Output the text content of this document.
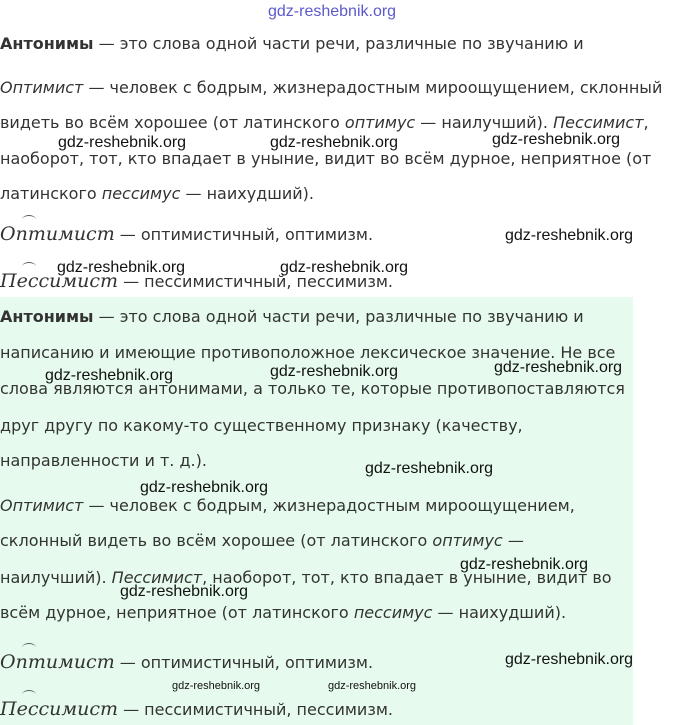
gdz-reshebnik.org
Антонимы — это слова одной части речи, различные по звучанию и
Оптимист — человек с бодрым, жизнерадостным мироощущением, склонный
видеть во всём хорошее (от латинского оптимус — наилучший). Пессимист,
наоборот, тот, кто впадает в уныние, видит во всём дурное, неприятное (от
латинского пессимус — наихудший).
Оптимист — оптимистичный, оптимизм.
Пессимист — пессимистичный, пессимизм.
Антонимы — это слова одной части речи, различные по звучанию и
написанию и имеющие противоположное лексическое значение. Не все
слова являются антонимами, а только те, которые противопоставляются
друг другу по какому-то существенному признаку (качеству,
направленности и т. д.).
Оптимист — человек с бодрым, жизнерадостным мироощущением,
склонный видеть во всём хорошее (от латинского оптимус —
наилучший). Пессимист, наоборот, тот, кто впадает в уныние, видит во
всём дурное, неприятное (от латинского пессимус — наихудший).
Оптимист — оптимистичный, оптимизм.
Пессимист — пессимистичный, пессимизм.
gdz-reshebnik.org	gdz-reshebnik.org	gdz-reshebnik.org
gdz-reshebnik.org
gdz-reshebnik.org	gdz-reshebnik.org
gdz-reshebnik.org	gdz-reshebnik.org	gdz-reshebnik.org
gdz-reshebnik.org
gdz-reshebnik.org
gdz-reshebnik.org
gdz-reshebnik.org
gdz-reshebnik.org
gdz-reshebnik.org	gdz-reshebnik.org
